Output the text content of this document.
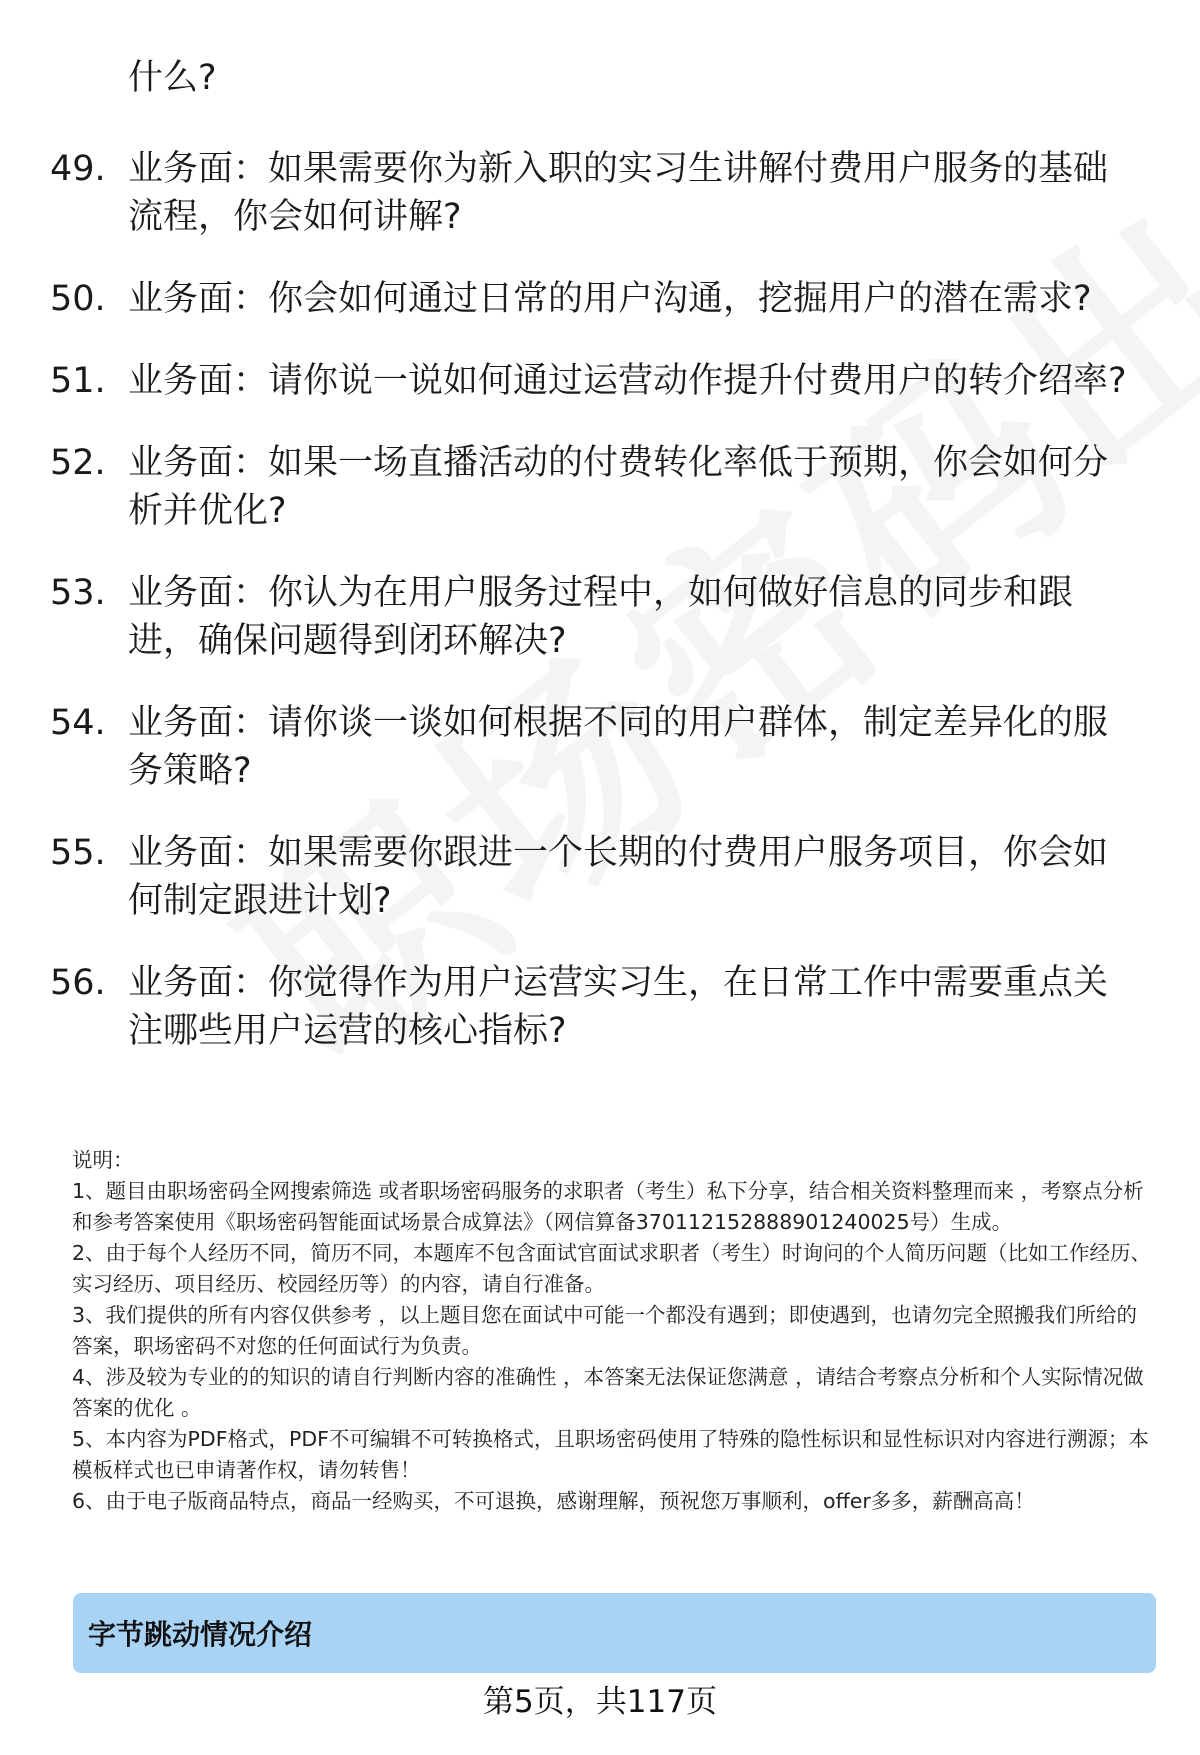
什么?
49. 业务面：如果需要你为新入职的实习生讲解付费用户服务的基础流程，你会如何讲解?
50. 业务面：你会如何通过日常的用户沟通，挖掘用户的潜在需求?
51. 业务面：请你说一说如何通过运营动作提升付费用户的转介绍率?
52. 业务面：如果一场直播活动的付费转化率低于预期，你会如何分析并优化?
53. 业务面：你认为在用户服务过程中，如何做好信息的同步和跟进，确保问题得到闭环解决?
54. 业务面：请你谈一谈如何根据不同的用户群体，制定差异化的服务策略?
55. 业务面：如果需要你跟进一个长期的付费用户服务项目，你会如何制定跟进计划?
56. 业务面：你觉得作为用户运营实习生，在日常工作中需要重点关注哪些用户运营的核心指标?

说明：

1、题目由职场密码全网搜索筛选 或者职场密码服务的求职者（考生）私下分享，结合相关资料整理而来 ，考察点分析和参考答案使用《职场密码智能面试场景合成算法》（网信算备370112152888901240025号）生成。

2、由于每个人经历不同，简历不同，本题库不包含面试官面试求职者（考生）时询问的个人简历问题（比如工作经历、实习经历、项目经历、校园经历等）的内容，请自行准备。

3、我们提供的所有内容仅供参考 ，以上题目您在面试中可能一个都没有遇到；即使遇到，也请勿完全照搬我们所给的答案，职场密码不对您的任何面试行为负责。

4、涉及较为专业的的知识的请自行判断内容的准确性 ，本答案无法保证您满意 ，请结合考察点分析和个人实际情况做答案的优化 。

5、本内容为PDF格式，PDF不可编辑不可转换格式，且职场密码使用了特殊的隐性标识和显性标识对内容进行溯源；本模板样式也已申请著作权，请勿转售！

6、由于电子版商品特点，商品一经购买，不可退换，感谢理解，预祝您万事顺利，offer多多，薪酬高高！

字节跳动情况介绍
第5页，共117页
